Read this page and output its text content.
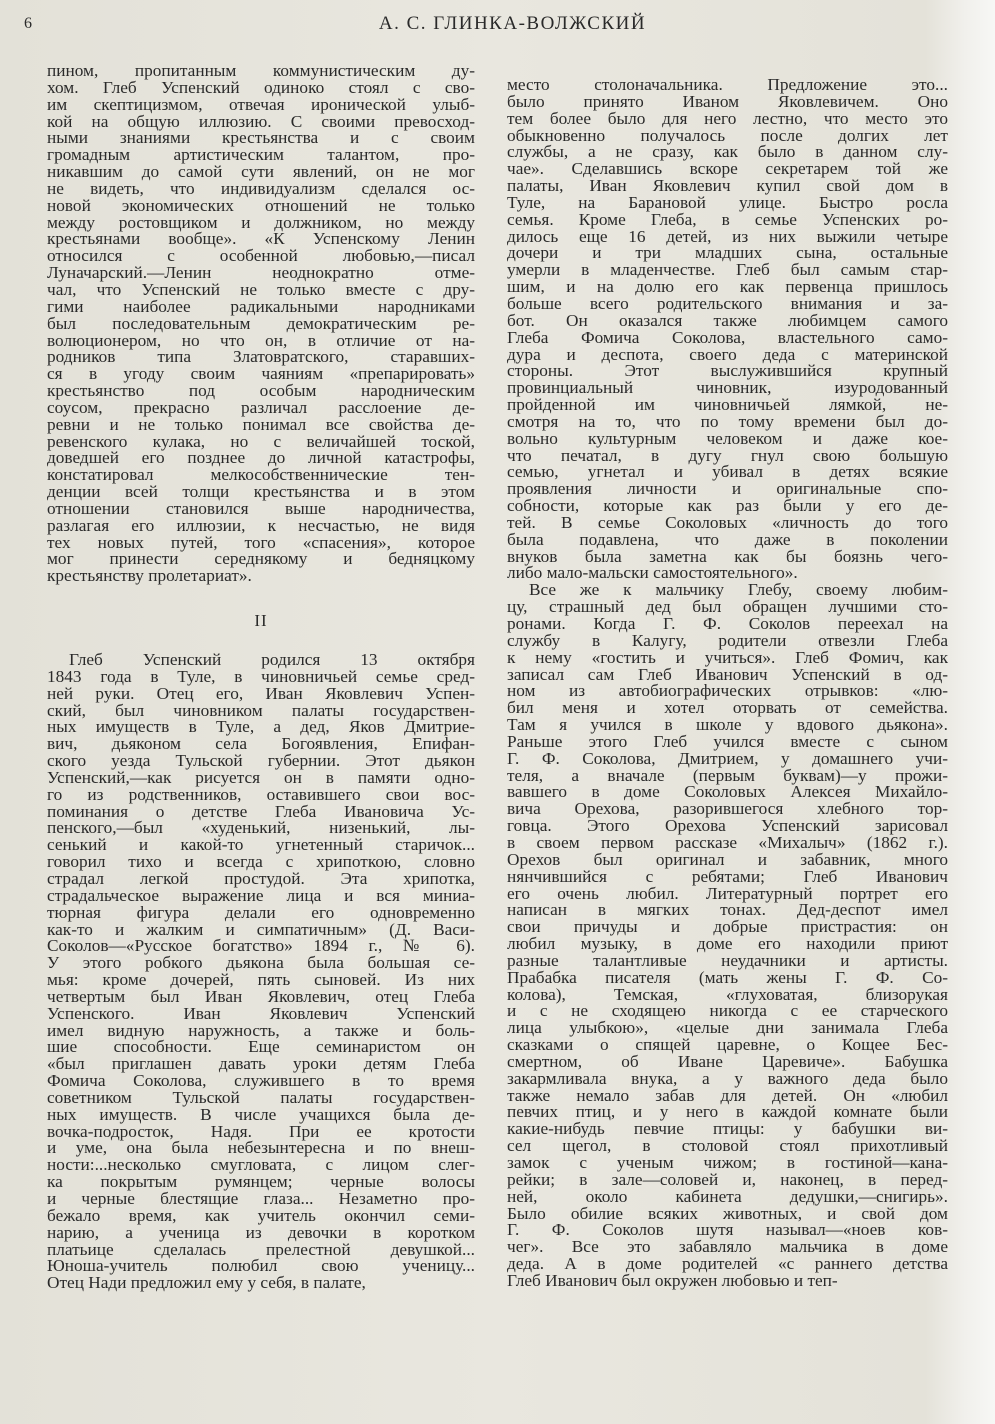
6	А. С. ГЛИНКА-ВОЛЖСКИЙ

пином, пропитанным коммунистическим ду-
хом. Глеб Успенский одиноко стоял с сво-
им скептицизмом, отвечая иронической улыб-
кой на общую иллюзию. С своими превосход-
ными знаниями крестьянства и с своим
громадным артистическим талантом, про-
никавшим до самой сути явлений, он не мог
не видеть, что индивидуализм сделался ос-
новой экономических отношений не только
между ростовщиком и должником, но между
крестьянами вообще». «К Успенскому Ленин
относился с особенной любовью,—писал
Луначарский.—Ленин неоднократно отме-
чал, что Успенский не только вместе с дру-
гими наиболее радикальными народниками
был последовательным демократическим ре-
волюционером, но что он, в отличие от на-
родников типа Златовратского, старавших-
ся в угоду своим чаяниям «препарировать»
крестьянство под особым народническим
соусом, прекрасно различал расслоение де-
ревни и не только понимал все свойства де-
ревенского кулака, но с величайшей тоской,
доведшей его позднее до личной катастрофы,
констатировал мелкособственнические тен-
денции всей толщи крестьянства и в этом
отношении становился выше народничества,
разлагая его иллюзии, к несчастью, не видя
тех новых путей, того «спасения», которое
мог принести середнякому и бедняцкому
крестьянству пролетариат».

II

Глеб Успенский родился 13 октября
1843 года в Туле, в чиновничьей семье сред-
ней руки. Отец его, Иван Яковлевич Успен-
ский, был чиновником палаты государствен-
ных имуществ в Туле, а дед, Яков Дмитрие-
вич, дьяконом села Богоявления, Епифан-
ского уезда Тульской губернии. Этот дьякон
Успенский,—как рисуется он в памяти одно-
го из родственников, оставившего свои вос-
поминания о детстве Глеба Ивановича Ус-
пенского,—был «худенький, низенький, лы-
сенький и какой-то угнетенный старичок...
говорил тихо и всегда с хрипоткою, словно
страдал легкой простудой. Эта хрипотка,
страдальческое выражение лица и вся миниа-
тюрная фигура делали его одновременно
как-то и жалким и симпатичным» (Д. Васи-
Соколов—«Русское богатство» 1894 г., № 6).
У этого робкого дьякона была большая се-
мья: кроме дочерей, пять сыновей. Из них
четвертым был Иван Яковлевич, отец Глеба
Успенского. Иван Яковлевич Успенский
имел видную наружность, а также и боль-
шие способности. Еще семинаристом он
«был приглашен давать уроки детям Глеба
Фомича Соколова, служившего в то время
советником Тульской палаты государствен-
ных имуществ. В числе учащихся была де-
вочка-подросток, Надя. При ее кротости
и уме, она была небезынтересна и по внеш-
ности:...несколько смугловата, с лицом слег-
ка покрытым румянцем; черные волосы
и черные блестящие глаза... Незаметно про-
бежало время, как учитель окончил семи-
нарию, а ученица из девочки в коротком
платьице сделалась прелестной девушкой...
Юноша-учитель полюбил свою ученицу...
Отец Нади предложил ему у себя, в палате,

место столоначальника. Предложение это...
было принято Иваном Яковлевичем. Оно
тем более было для него лестно, что место это
обыкновенно получалось после долгих лет
службы, а не сразу, как было в данном слу-
чае». Сделавшись вскоре секретарем той же
палаты, Иван Яковлевич купил свой дом в
Туле, на Барановой улице. Быстро росла
семья. Кроме Глеба, в семье Успенских ро-
дилось еще 16 детей, из них выжили четыре
дочери и три младших сына, остальные
умерли в младенчестве. Глеб был самым стар-
шим, и на долю его как первенца пришлось
больше всего родительского внимания и за-
бот. Он оказался также любимцем самого
Глеба Фомича Соколова, властельного само-
дура и деспота, своего деда с материнской
стороны. Этот выслужившийся крупный
провинциальный чиновник, изуродованный
пройденной им чиновничьей лямкой, не-
смотря на то, что по тому времени был до-
вольно культурным человеком и даже кое-
что печатал, в дугу гнул свою большую
семью, угнетал и убивал в детях всякие
проявления личности и оригинальные спо-
собности, которые как раз были у его де-
тей. В семье Соколовых «личность до того
была подавлена, что даже в поколении
внуков была заметна как бы боязнь чего-
либо мало-мальски самостоятельного».

Все же к мальчику Глебу, своему любим-
цу, страшный дед был обращен лучшими сто-
ронами. Когда Г. Ф. Соколов переехал на
службу в Калугу, родители отвезли Глеба
к нему «гостить и учиться». Глеб Фомич, как
записал сам Глеб Иванович Успенский в од-
ном из автобиографических отрывков: «лю-
бил меня и хотел оторвать от семейства.
Там я учился в школе у вдового дьякона».
Раньше этого Глеб учился вместе с сыном
Г. Ф. Соколова, Дмитрием, у домашнего учи-
теля, а вначале (первым буквам)—у прожи-
вавшего в доме Соколовых Алексея Михайло-
вича Орехова, разорившегося хлебного тор-
говца. Этого Орехова Успенский зарисовал
в своем первом рассказе «Михалыч» (1862 г.).
Орехов был оригинал и забавник, много
нянчившийся с ребятами; Глеб Иванович
его очень любил. Литературный портрет его
написан в мягких тонах. Дед-деспот имел
свои причуды и добрые пристрастия: он
любил музыку, в доме его находили приют
разные талантливые неудачники и артисты.
Прабабка писателя (мать жены Г. Ф. Со-
колова), Темская, «глуховатая, близорукая
и с не сходящею никогда с ее старческого
лица улыбкою», «целые дни занимала Глеба
сказками о спящей царевне, о Кощее Бес-
смертном, об Иване Царевиче». Бабушка
закармливала внука, а у важного деда было
также немало забав для детей. Он «любил
певчих птиц, и у него в каждой комнате были
какие-нибудь певчие птицы: у бабушки ви-
сел щегол, в столовой стоял прихотливый
замок с ученым чижом; в гостиной—кана-
рейки; в зале—соловей и, наконец, в перед-
ней, около кабинета дедушки,—снигирь».
Было обилие всяких животных, и свой дом
Г. Ф. Соколов шутя называл—«ноев ков-
чег». Все это забавляло мальчика в доме
деда. А в доме родителей «с раннего детства
Глеб Иванович был окружен любовью и теп-
